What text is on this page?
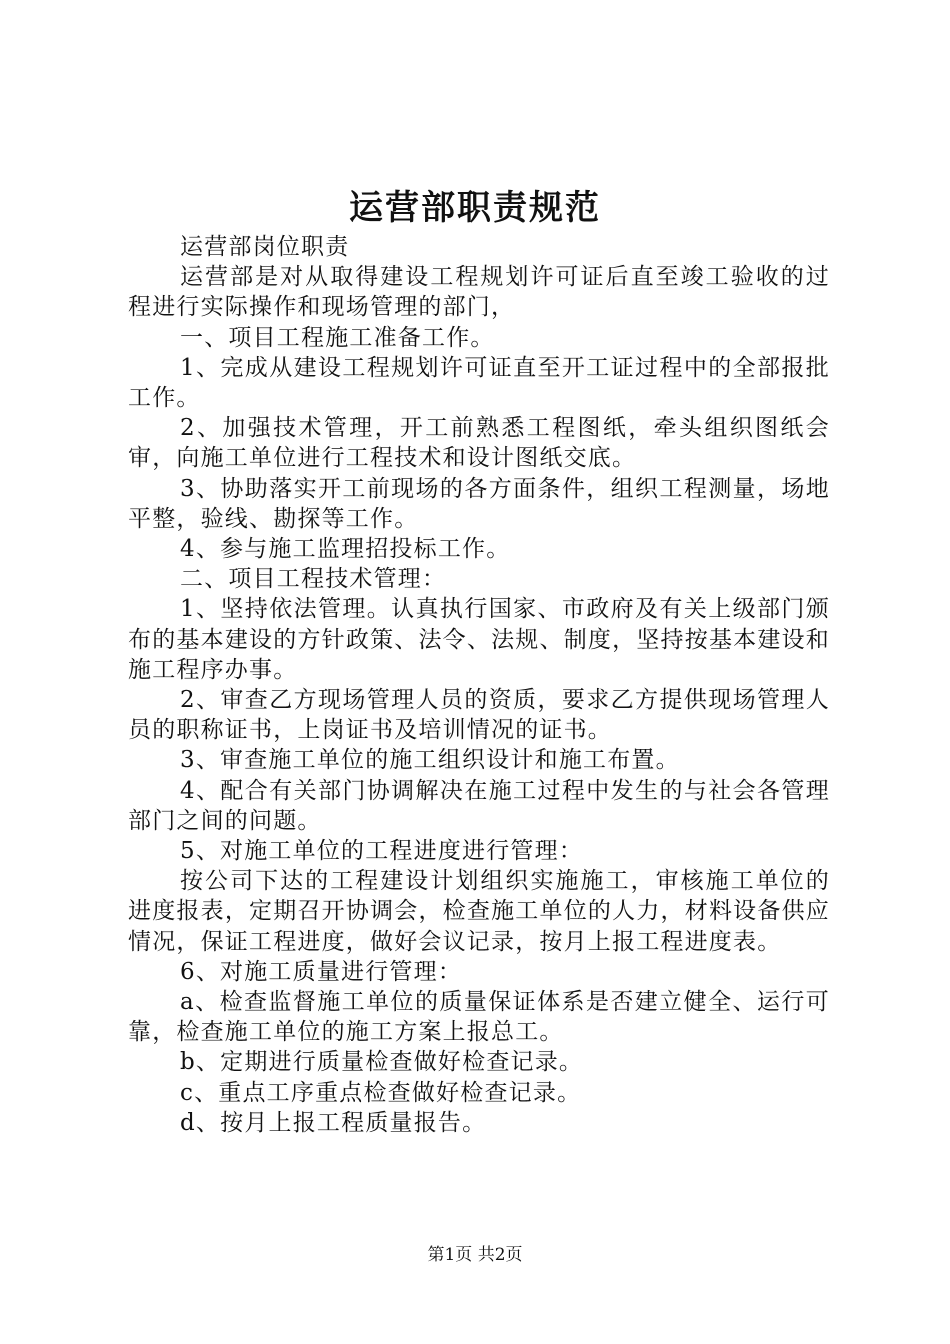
运营部职责规范

运营部岗位职责

运营部是对从取得建设工程规划许可证后直至竣工验收的过程进行实际操作和现场管理的部门，

一、项目工程施工准备工作。

1、完成从建设工程规划许可证直至开工证过程中的全部报批工作。

2、加强技术管理，开工前熟悉工程图纸，牵头组织图纸会审，向施工单位进行工程技术和设计图纸交底。

3、协助落实开工前现场的各方面条件，组织工程测量，场地平整，验线、勘探等工作。

4、参与施工监理招投标工作。

二、项目工程技术管理：

1、坚持依法管理。认真执行国家、市政府及有关上级部门颁布的基本建设的方针政策、法令、法规、制度，坚持按基本建设和施工程序办事。

2、审查乙方现场管理人员的资质，要求乙方提供现场管理人员的职称证书，上岗证书及培训情况的证书。

3、审查施工单位的施工组织设计和施工布置。

4、配合有关部门协调解决在施工过程中发生的与社会各管理部门之间的问题。

5、对施工单位的工程进度进行管理：

按公司下达的工程建设计划组织实施施工，审核施工单位的进度报表，定期召开协调会，检查施工单位的人力，材料设备供应情况，保证工程进度，做好会议记录，按月上报工程进度表。

6、对施工质量进行管理：

a、检查监督施工单位的质量保证体系是否建立健全、运行可靠，检查施工单位的施工方案上报总工。

b、定期进行质量检查做好检查记录。

c、重点工序重点检查做好检查记录。

d、按月上报工程质量报告。

第1页 共2页
